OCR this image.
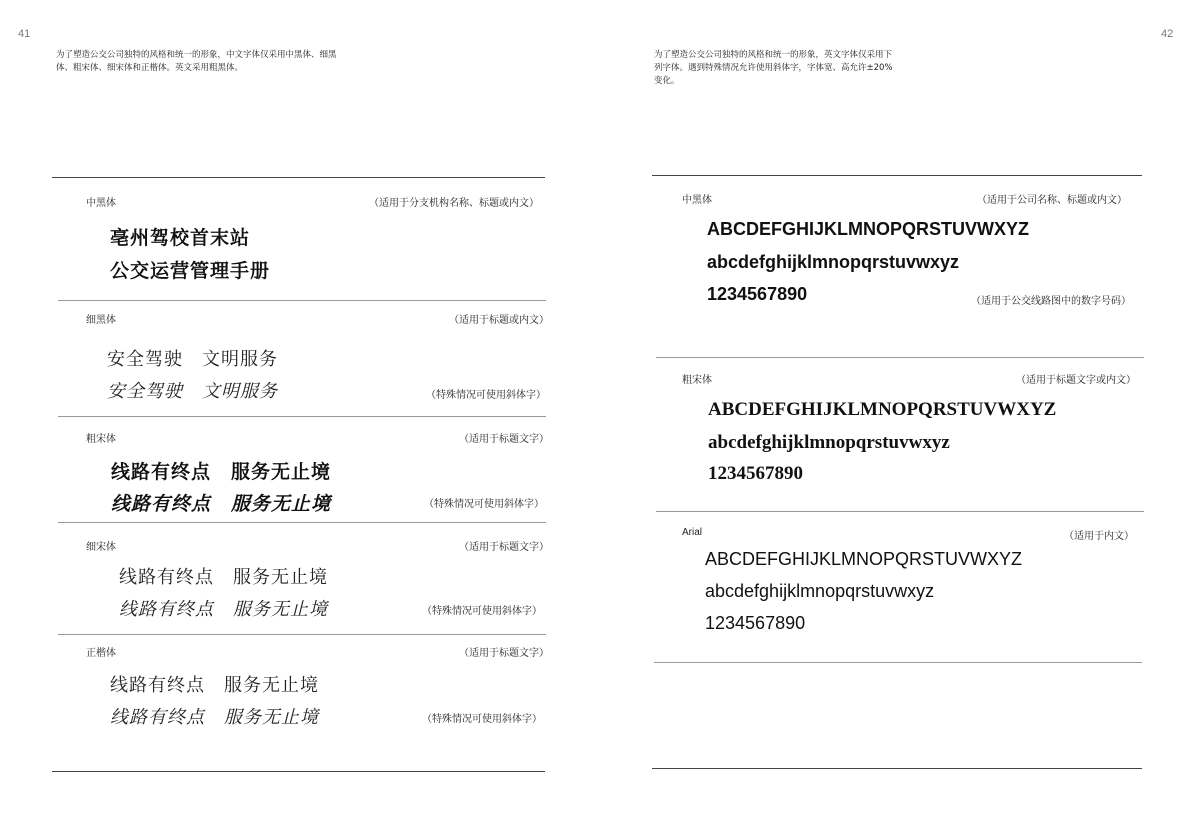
41
为了塑造公交公司独特的风格和统一的形象，中文字体仅采用中黑体、细黑体、粗宋体、细宋体和正楷体。英文采用粗黑体。
中黑体	（适用于分支机构名称、标题或内文）
亳州驾校首末站
公交运营管理手册
细黑体	（适用于标题或内文）
安全驾驶　文明服务
安全驾驶　文明服务	（特殊情况可使用斜体字）
粗宋体	（适用于标题文字）
线路有终点　服务无止境
线路有终点　服务无止境	（特殊情况可使用斜体字）
细宋体	（适用于标题文字）
线路有终点　服务无止境
线路有终点　服务无止境	（特殊情况可使用斜体字）
正楷体	（适用于标题文字）
线路有终点　服务无止境
线路有终点　服务无止境	（特殊情况可使用斜体字）
42
为了塑造公交公司独特的风格和统一的形象，英文字体仅采用下列字体。遇到特殊情况允许使用斜体字，字体宽、高允许±20%变化。
中黑体	（适用于公司名称、标题或内文）
ABCDEFGHIJKLMNOPQRSTUVWXYZ
abcdefghijklmnopqrstuvwxyz
1234567890	（适用于公交线路图中的数字号码）
粗宋体	（适用于标题文字或内文）
ABCDEFGHIJKLMNOPQRSTUVWXYZ
abcdefghijklmnopqrstuvwxyz
1234567890
Arial	（适用于内文）
ABCDEFGHIJKLMNOPQRSTUVWXYZ
abcdefghijklmnopqrstuvwxyz
1234567890
